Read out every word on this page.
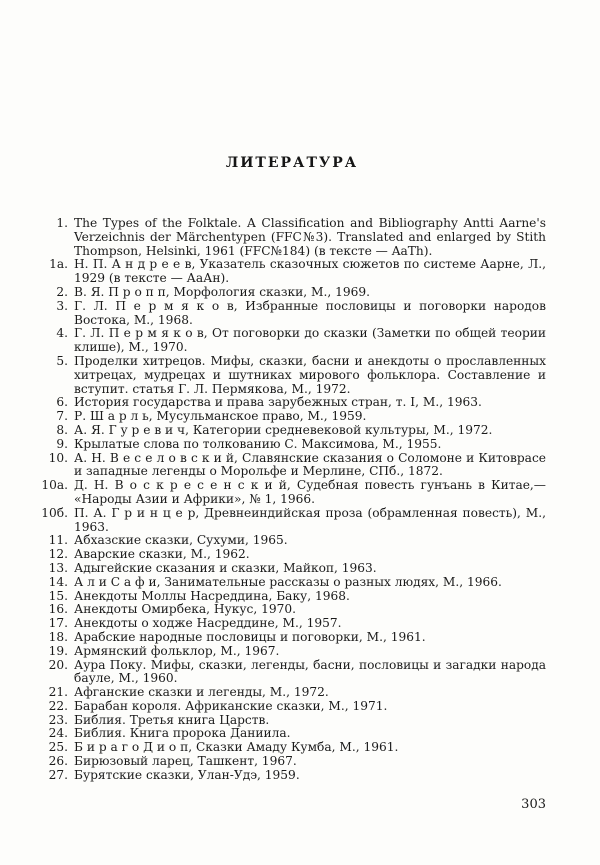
ЛИТЕРАТУРА
1. The Types of the Folktale. A Classification and Bibliography Antti Aarne's Verzeichnis der Märchentypen (FFC№3). Translated and enlarged by Stith Thompson, Helsinki, 1961 (FFC№184) (в тексте — AaTh).
1а. Н. П. А н д р е е в, Указатель сказочных сюжетов по системе Аарне, Л., 1929 (в тексте — АаАн).
2. В. Я. П р о п п, Морфология сказки, М., 1969.
3. Г. Л. П е р м я к о в, Избранные пословицы и поговорки народов Востока, М., 1968.
4. Г. Л. П е р м я к о в, От поговорки до сказки (Заметки по общей теории клише), М., 1970.
5. Проделки хитрецов. Мифы, сказки, басни и анекдоты о прославленных хитрецах, мудрецах и шутниках мирового фольклора. Составление и вступит. статья Г. Л. Пермякова, М., 1972.
6. История государства и права зарубежных стран, т. I, М., 1963.
7. Р. Ш а р л ь, Мусульманское право, М., 1959.
8. А. Я. Г у р е в и ч, Категории средневековой культуры, М., 1972.
9. Крылатые слова по толкованию С. Максимова, М., 1955.
10. А. Н. В е с е л о в с к и й, Славянские сказания о Соломоне и Китоврасе и западные легенды о Морольфе и Мерлине, СПб., 1872.
10а. Д. Н. В о с к р е с е н с к и й, Судебная повесть гунъань в Китае,— «Народы Азии и Африки», № 1, 1966.
10б. П. А. Г р и н ц е р, Древнеиндийская проза (обрамленная повесть), М., 1963.
11. Абхазские сказки, Сухуми, 1965.
12. Аварские сказки, М., 1962.
13. Адыгейские сказания и сказки, Майкоп, 1963.
14. А л и С а ф и, Занимательные рассказы о разных людях, М., 1966.
15. Анекдоты Моллы Насреддина, Баку, 1968.
16. Анекдоты Омирбека, Нукус, 1970.
17. Анекдоты о ходже Насреддине, М., 1957.
18. Арабские народные пословицы и поговорки, М., 1961.
19. Армянский фольклор, М., 1967.
20. Аура Поку. Мифы, сказки, легенды, басни, пословицы и загадки народа бауле, М., 1960.
21. Афганские сказки и легенды, М., 1972.
22. Барабан короля. Африканские сказки, М., 1971.
23. Библия. Третья книга Царств.
24. Библия. Книга пророка Даниила.
25. Б и р а г о Д и о п, Сказки Амаду Кумба, М., 1961.
26. Бирюзовый ларец, Ташкент, 1967.
27. Бурятские сказки, Улан-Удэ, 1959.
303
